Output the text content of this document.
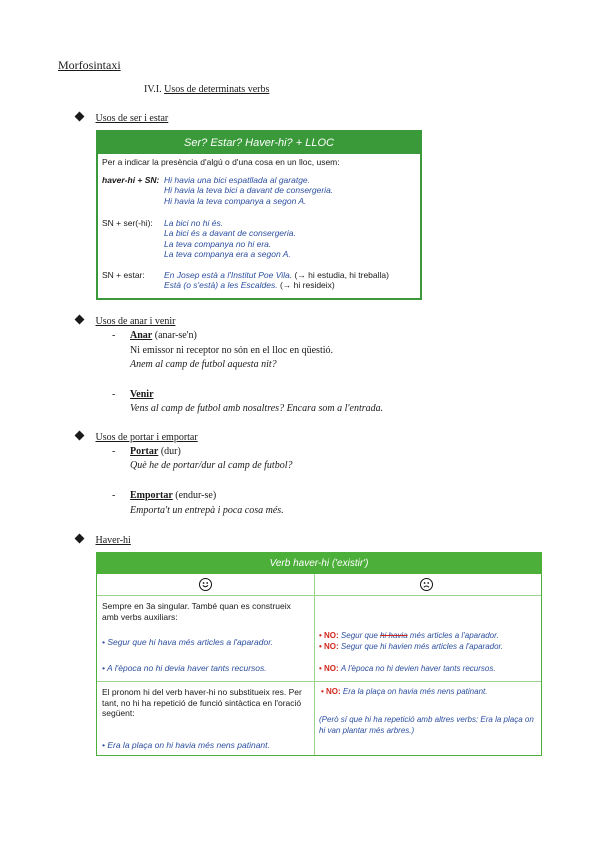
Morfosintaxi
IV.I. Usos de determinats verbs
Usos de ser i estar
Ser? Estar? Haver-hi? + LLOC
Per a indicar la presència d'algú o d'una cosa en un lloc, usem:
haver-hi + SN: Hi havia una bici espatllada al garatge.
Hi havia la teva bici a davant de consergeria.
Hi havia la teva companya a segon A.
SN + ser(-hi): La bici no hi és.
La bici és a davant de consergeria.
La teva companya no hi era.
La teva companya era a segon A.
SN + estar: En Josep està a l'Institut Poe Vila. (→ hi estudia, hi treballa)
Està (o s'està) a les Escaldes. (→ hi resideix)
Usos de anar i venir
- Anar (anar-se'n)
Ni emissor ni receptor no són en el lloc en qüestió.
Anem al camp de futbol aquesta nit?
- Venir
Vens al camp de futbol amb nosaltres? Encara som a l'entrada.
Usos de portar i emportar
- Portar (dur)
Què he de portar/dur al camp de futbol?
- Emportar (endur-se)
Emporta't un entrepà i poca cosa més.
Haver-hi
Verb haver-hi ('existir')
Sempre en 3a singular. També quan es construeix amb verbs auxiliars:
• Segur que hi hava més articles a l'aparador.
• A l'època no hi devia haver tants recursos.
• NO: Segur que hi havia més articles a l'aparador.
• NO: Segur que hi havien més articles a l'aparador.
• NO: A l'època no hi devien haver tants recursos.
El pronom hi del verb haver-hi no substitueix res. Per tant, no hi ha repetició de funció sintàctica en l'oració següent:
• Era la plaça on hi havia més nens patinant.
• NO: Era la plaça on havia més nens patinant.
(Però sí que hi ha repetició amb altres verbs: Era la plaça on hi van plantar més arbres.)
